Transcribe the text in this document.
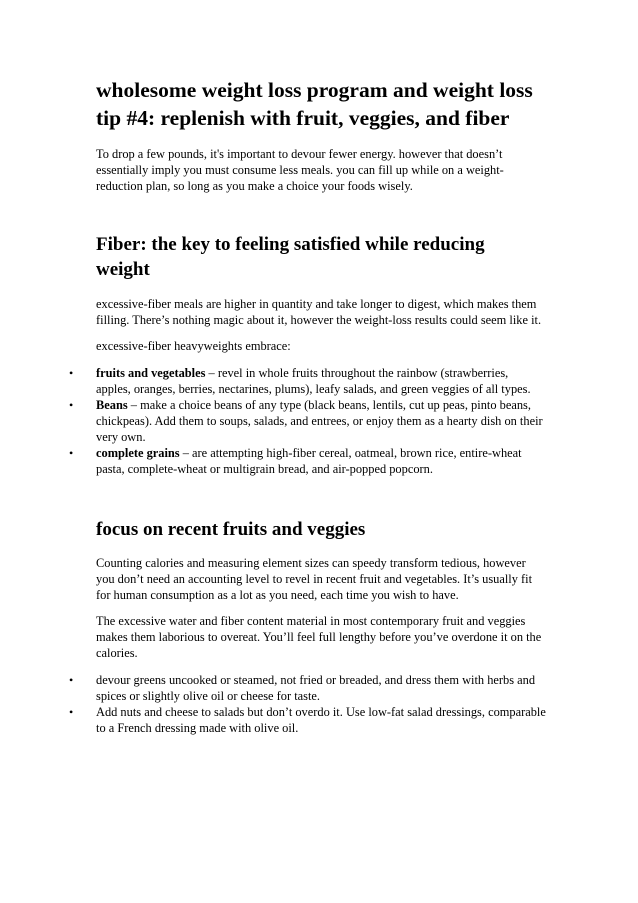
wholesome weight loss program and weight loss tip #4: replenish with fruit, veggies, and fiber

To drop a few pounds, it's important to devour fewer energy. however that doesn’t essentially imply you must consume less meals. you can fill up while on a weight-reduction plan, so long as you make a choice your foods wisely.

Fiber: the key to feeling satisfied while reducing weight

excessive-fiber meals are higher in quantity and take longer to digest, which makes them filling. There’s nothing magic about it, however the weight-loss results could seem like it.

excessive-fiber heavyweights embrace:

• fruits and vegetables – revel in whole fruits throughout the rainbow (strawberries, apples, oranges, berries, nectarines, plums), leafy salads, and green veggies of all types.
• Beans – make a choice beans of any type (black beans, lentils, cut up peas, pinto beans, chickpeas). Add them to soups, salads, and entrees, or enjoy them as a hearty dish on their very own.
• complete grains – are attempting high-fiber cereal, oatmeal, brown rice, entire-wheat pasta, complete-wheat or multigrain bread, and air-popped popcorn.
focus on recent fruits and veggies

Counting calories and measuring element sizes can speedy transform tedious, however you don’t need an accounting level to revel in recent fruit and vegetables. It’s usually fit for human consumption as a lot as you need, each time you wish to have.

The excessive water and fiber content material in most contemporary fruit and veggies makes them laborious to overeat. You’ll feel full lengthy before you’ve overdone it on the calories.

• devour greens uncooked or steamed, not fried or breaded, and dress them with herbs and spices or slightly olive oil or cheese for taste.
• Add nuts and cheese to salads but don’t overdo it. Use low-fat salad dressings, comparable to a French dressing made with olive oil.
